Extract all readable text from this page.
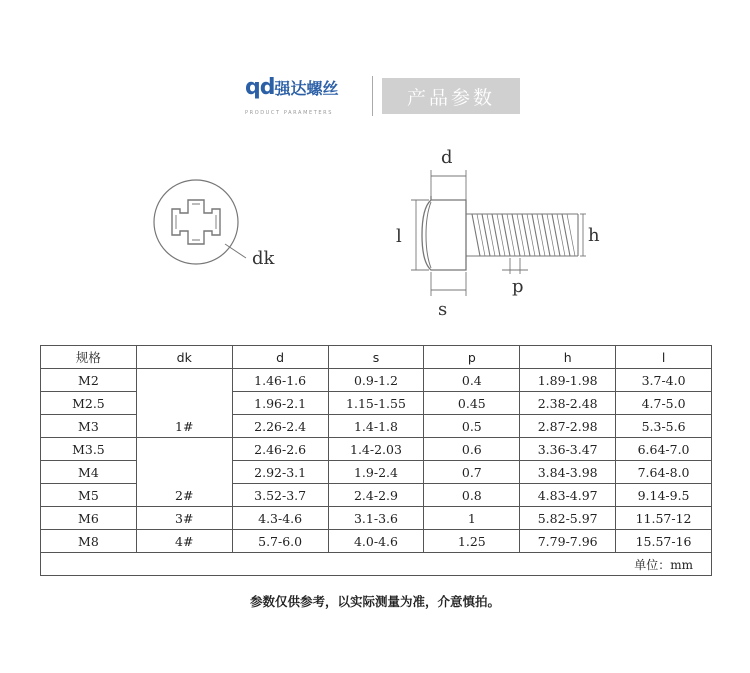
qd强达螺丝
PRODUCT PARAMETERS
产品参数
dk
d
l	h
p
s
规格	dk	d	s	p	h	l
M2	1#	1.46-1.6	0.9-1.2	0.4	1.89-1.98	3.7-4.0
M2.5		1.96-2.1	1.15-1.55	0.45	2.38-2.48	4.7-5.0
M3		2.26-2.4	1.4-1.8	0.5	2.87-2.98	5.3-5.6
M3.5	2#	2.46-2.6	1.4-2.03	0.6	3.36-3.47	6.64-7.0
M4		2.92-3.1	1.9-2.4	0.7	3.84-3.98	7.64-8.0
M5		3.52-3.7	2.4-2.9	0.8	4.83-4.97	9.14-9.5
M6	3#	4.3-4.6	3.1-3.6	1	5.82-5.97	11.57-12
M8	4#	5.7-6.0	4.0-4.6	1.25	7.79-7.96	15.57-16
单位：mm						
参数仅供参考，以实际测量为准，介意慎拍。
